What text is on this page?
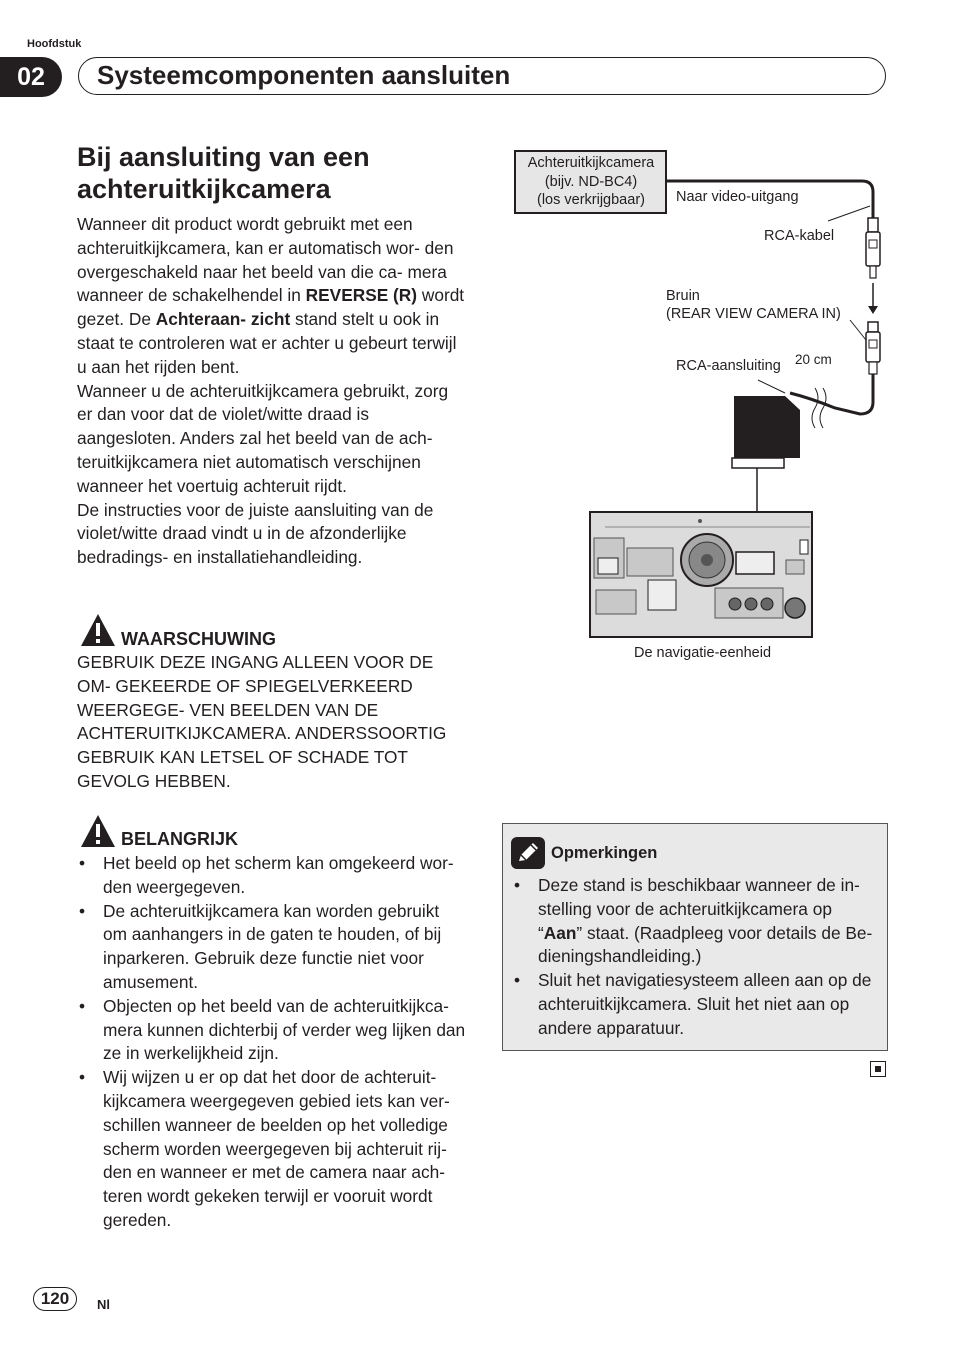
Hoofdstuk
02	Systeemcomponenten aansluiten
Bij aansluiting van een
achteruitkijkcamera
Wanneer dit product wordt gebruikt met een achteruitkijkcamera, kan er automatisch wor- den overgeschakeld naar het beeld van die ca- mera wanneer de schakelhendel in REVERSE (R) wordt gezet. De Achteraan- zicht stand stelt u ook in staat te controleren wat er achter u gebeurt terwijl u aan het rijden bent.
Wanneer u de achteruitkijkcamera gebruikt, zorg er dan voor dat de violet/witte draad is aangesloten. Anders zal het beeld van de ach- teruitkijkcamera niet automatisch verschijnen wanneer het voertuig achteruit rijdt.
De instructies voor de juiste aansluiting van de violet/witte draad vindt u in de afzonderlijke bedradings- en installatiehandleiding.
WAARSCHUWING
GEBRUIK DEZE INGANG ALLEEN VOOR DE OM- GEKEERDE OF SPIEGELVERKEERD WEERGEGE- VEN BEELDEN VAN DE ACHTERUITKIJKCAMERA. ANDERSSOORTIG GEBRUIK KAN LETSEL OF SCHADE TOT GEVOLG HEBBEN.
BELANGRIJK
• Het beeld op het scherm kan omgekeerd wor- den weergegeven.
• De achteruitkijkcamera kan worden gebruikt om aanhangers in de gaten te houden, of bij inparkeren. Gebruik deze functie niet voor amusement.
• Objecten op het beeld van de achteruitkijkca- mera kunnen dichterbij of verder weg lijken dan ze in werkelijkheid zijn.
• Wij wijzen u er op dat het door de achteruit- kijkcamera weergegeven gebied iets kan ver- schillen wanneer de beelden op het volledige scherm worden weergegeven bij achteruit rij- den en wanneer er met de camera naar ach- teren wordt gekeken terwijl er vooruit wordt gereden.
Achteruitkijkcamera
(bijv. ND-BC4)
(los verkrijgbaar)	Naar video-uitgang
RCA-kabel
Bruin
(REAR VIEW CAMERA IN)
RCA-aansluiting 20 cm
De navigatie-eenheid
Opmerkingen
• Deze stand is beschikbaar wanneer de in- stelling voor de achteruitkijkcamera op “Aan” staat. (Raadpleeg voor details de Be- dieningshandleiding.)
• Sluit het navigatiesysteem alleen aan op de achteruitkijkcamera. Sluit het niet aan op andere apparatuur.
120	Nl
